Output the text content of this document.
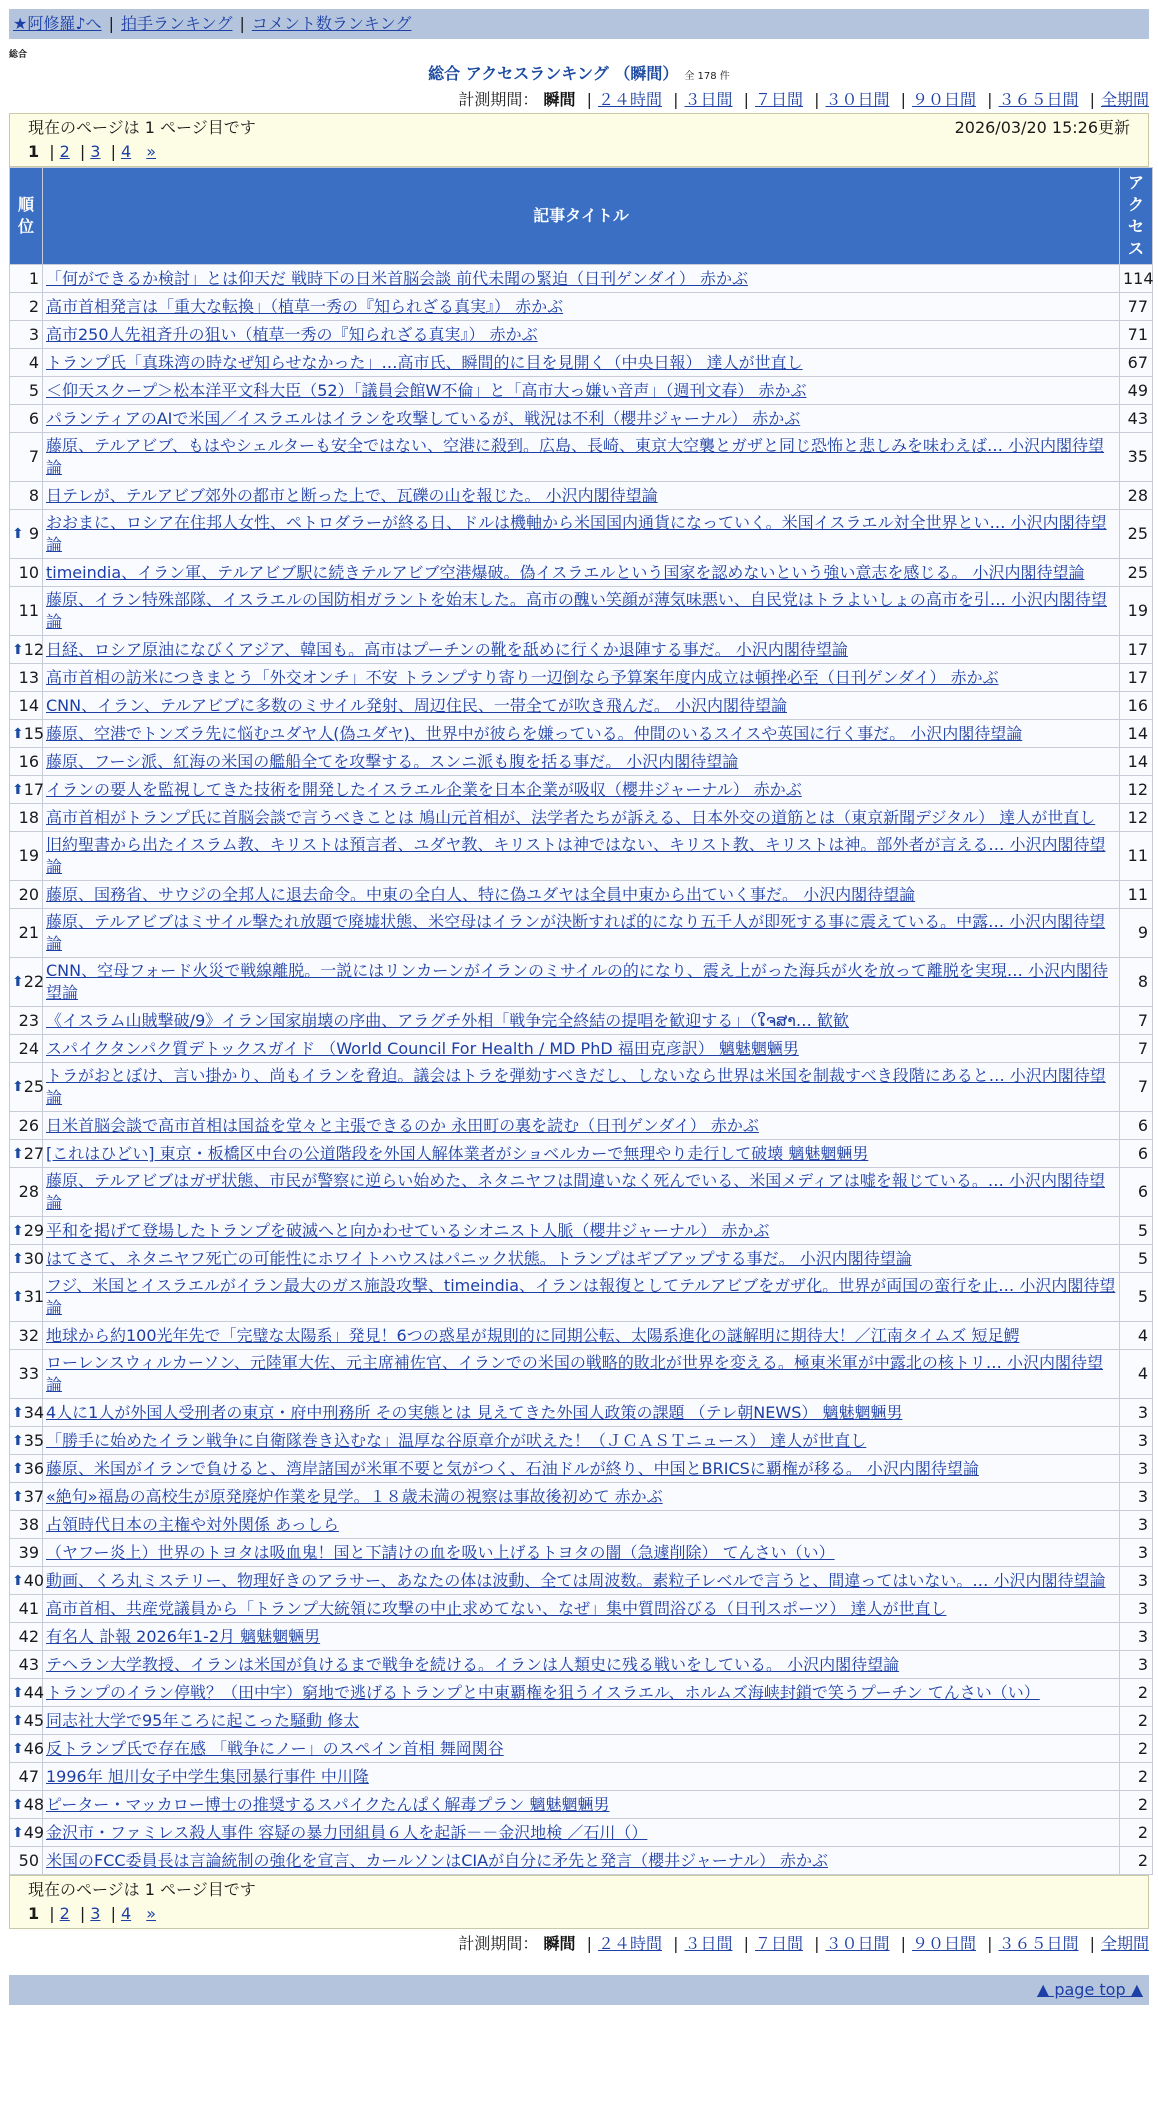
★阿修羅♪へ | 拍手ランキング | コメント数ランキング
総合
総合 アクセスランキング （瞬間） 全 178 件
計測期間： 瞬間 | ２４時間 | ３日間 | ７日間 | ３０日間 | ９０日間 | ３６５日間 | 全期間
現在のページは 1 ページ目です	2026/03/20 15:26更新
1 | 2 | 3 | 4 »
順位	記事タイトル	アクセス
1	「何ができるか検討」とは仰天だ 戦時下の日米首脳会談 前代未聞の緊迫（日刊ゲンダイ） 赤かぶ	114
2	高市首相発言は「重大な転換」（植草一秀の『知られざる真実』） 赤かぶ	77
3	高市250人先祖斉升の狙い（植草一秀の『知られざる真実』） 赤かぶ	71
4	トランプ氏「真珠湾の時なぜ知らせなかった」…高市氏、瞬間的に目を見開く（中央日報） 達人が世直し	67
5	＜仰天スクープ＞松本洋平文科大臣（52）「議員会館W不倫」と「高市大っ嫌い音声」（週刊文春） 赤かぶ	49
6	パランティアのAIで米国／イスラエルはイランを攻撃しているが、戦況は不利（櫻井ジャーナル） 赤かぶ	43
7	藤原、テルアビブ、もはやシェルターも安全ではない、空港に殺到。広島、長崎、東京大空襲とガザと同じ恐怖と悲しみを味わえば… 小沢内閣待望論	35
8	日テレが、テルアビブ郊外の都市と断った上で、瓦礫の山を報じた。 小沢内閣待望論	28

⬆ 9	おおまに、ロシア在住邦人女性、ペトロダラーが終る日、ドルは機軸から米国国内通貨になっていく。米国イスラエル対全世界とい… 小沢内閣待望論	25
10	timeindia、イラン軍、テルアビブ駅に続きテルアビブ空港爆破。偽イスラエルという国家を認めないという強い意志を感じる。 小沢内閣待望論	25
11	藤原、イラン特殊部隊、イスラエルの国防相ガラントを始末した。高市の醜い笑顔が薄気味悪い、自民党はトラよいしょの高市を引… 小沢内閣待望論	19

⬆ 12	日経、ロシア原油になびくアジア、韓国も。高市はプーチンの靴を舐めに行くか退陣する事だ。 小沢内閣待望論	17
13	高市首相の訪米につきまとう「外交オンチ」不安 トランプすり寄り一辺倒なら予算案年度内成立は頓挫必至（日刊ゲンダイ） 赤かぶ	17
14	CNN、イラン、テルアビブに多数のミサイル発射、周辺住民、一帯全てが吹き飛んだ。 小沢内閣待望論	16

⬆ 15	藤原、空港でトンズラ先に悩むユダヤ人(偽ユダヤ)、世界中が彼らを嫌っている。仲間のいるスイスや英国に行く事だ。 小沢内閣待望論	14
16	藤原、フーシ派、紅海の米国の艦船全てを攻撃する。スンニ派も腹を括る事だ。 小沢内閣待望論	14

⬆ 17	イランの要人を監視してきた技術を開発したイスラエル企業を日本企業が吸収（櫻井ジャーナル） 赤かぶ	12
18	高市首相がトランプ氏に首脳会談で言うべきことは 鳩山元首相が、法学者たちが訴える、日本外交の道筋とは（東京新聞デジタル） 達人が世直し	12
19	旧約聖書から出たイスラム教、キリストは預言者、ユダヤ教、キリストは神ではない、キリスト教、キリストは神。部外者が言える… 小沢内閣待望論	11
20	藤原、国務省、サウジの全邦人に退去命令。中東の全白人、特に偽ユダヤは全員中東から出ていく事だ。 小沢内閣待望論	11
21	藤原、テルアビブはミサイル撃たれ放題で廃墟状態、米空母はイランが決断すれば的になり五千人が即死する事に震えている。中露… 小沢内閣待望論	9

⬆ 22	CNN、空母フォード火災で戦線離脱。一説にはリンカーンがイランのミサイルの的になり、震え上がった海兵が火を放って離脱を実現… 小沢内閣待望論	8
23	《イスラム山賊撃破/9》イラン国家崩壊の序曲、アラグチ外相「戦争完全終結の提唱を歓迎する」（ໃຈສາ… 歓歓	7
24	スパイクタンパク質デトックスガイド （World Council For Health / MD PhD 福田克彦訳） 魑魅魍魎男	7

⬆ 25	トラがおとぼけ、言い掛かり、尚もイランを脅迫。議会はトラを弾劾すべきだし、しないなら世界は米国を制裁すべき段階にあると… 小沢内閣待望論	7
26	日米首脳会談で高市首相は国益を堂々と主張できるのか 永田町の裏を読む（日刊ゲンダイ） 赤かぶ	6

⬆ 27	[これはひどい] 東京・板橋区中台の公道階段を外国人解体業者がショベルカーで無理やり走行して破壊 魑魅魍魎男	6
28	藤原、テルアビブはガザ状態、市民が警察に逆らい始めた、ネタニヤフは間違いなく死んでいる、米国メディアは嘘を報じている。… 小沢内閣待望論	6

⬆ 29	平和を掲げて登場したトランプを破滅へと向かわせているシオニスト人脈（櫻井ジャーナル） 赤かぶ	5

⬆ 30	はてさて、ネタニヤフ死亡の可能性にホワイトハウスはパニック状態。トランプはギブアップする事だ。 小沢内閣待望論	5

⬆ 31	フジ、米国とイスラエルがイラン最大のガス施設攻撃、timeindia、イランは報復としてテルアビブをガザ化。世界が両国の蛮行を止… 小沢内閣待望論	5
32	地球から約100光年先で「完璧な太陽系」発見！6つの惑星が規則的に同期公転、太陽系進化の謎解明に期待大！／江南タイムズ 短足鰐	4
33	ローレンスウィルカーソン、元陸軍大佐、元主席補佐官、イランでの米国の戦略的敗北が世界を変える。極東米軍が中露北の核トリ… 小沢内閣待望論	4

⬆ 34	4人に1人が外国人受刑者の東京・府中刑務所 その実態とは 見えてきた外国人政策の課題 （テレ朝NEWS） 魑魅魍魎男	3

⬆ 35	「勝手に始めたイラン戦争に自衛隊巻き込むな」温厚な谷原章介が吠えた！（ＪＣＡＳＴニュース） 達人が世直し	3

⬆ 36	藤原、米国がイランで負けると、湾岸諸国が米軍不要と気がつく、石油ドルが終り、中国とBRICSに覇権が移る。 小沢内閣待望論	3

⬆ 37	«絶句»福島の高校生が原発廃炉作業を見学。１８歳未満の視察は事故後初めて 赤かぶ	3
38	占領時代日本の主権や対外関係 あっしら	3
39	（ヤフー炎上）世界のトヨタは吸血鬼！国と下請けの血を吸い上げるトヨタの闇（急遽削除） てんさい（い）	3

⬆ 40	動画、くろ丸ミステリー、物理好きのアラサー、あなたの体は波動、全ては周波数。素粒子レベルで言うと、間違ってはいない。… 小沢内閣待望論	3
41	高市首相、共産党議員から「トランプ大統領に攻撃の中止求めてない、なぜ」集中質問浴びる（日刊スポーツ） 達人が世直し	3
42	有名人 訃報 2026年1-2月 魑魅魍魎男	3
43	テヘラン大学教授、イランは米国が負けるまで戦争を続ける。イランは人類史に残る戦いをしている。 小沢内閣待望論	3

⬆ 44	トランプのイラン停戦？（田中宇）窮地で逃げるトランプと中東覇権を狙うイスラエル、ホルムズ海峡封鎖で笑うプーチン てんさい（い）	2

⬆ 45	同志社大学で95年ころに起こった騒動 修太	2

⬆ 46	反トランプ氏で存在感 「戦争にノー」のスペイン首相 舞岡関谷	2
47	1996年 旭川女子中学生集団暴行事件 中川隆	2

⬆ 48	ピーター・マッカロー博士の推奨するスパイクたんぱく解毒プラン 魑魅魍魎男	2

⬆ 49	金沢市・ファミレス殺人事件 容疑の暴力団組員６人を起訴－－金沢地検 ／石川（）	2
50	米国のFCC委員長は言論統制の強化を宣言、カールソンはCIAが自分に矛先と発言（櫻井ジャーナル） 赤かぶ	2
現在のページは 1 ページ目です
1 | 2 | 3 | 4 »
計測期間： 瞬間 | ２４時間 | ３日間 | ７日間 | ３０日間 | ９０日間 | ３６５日間 | 全期間
▲ page top ▲
